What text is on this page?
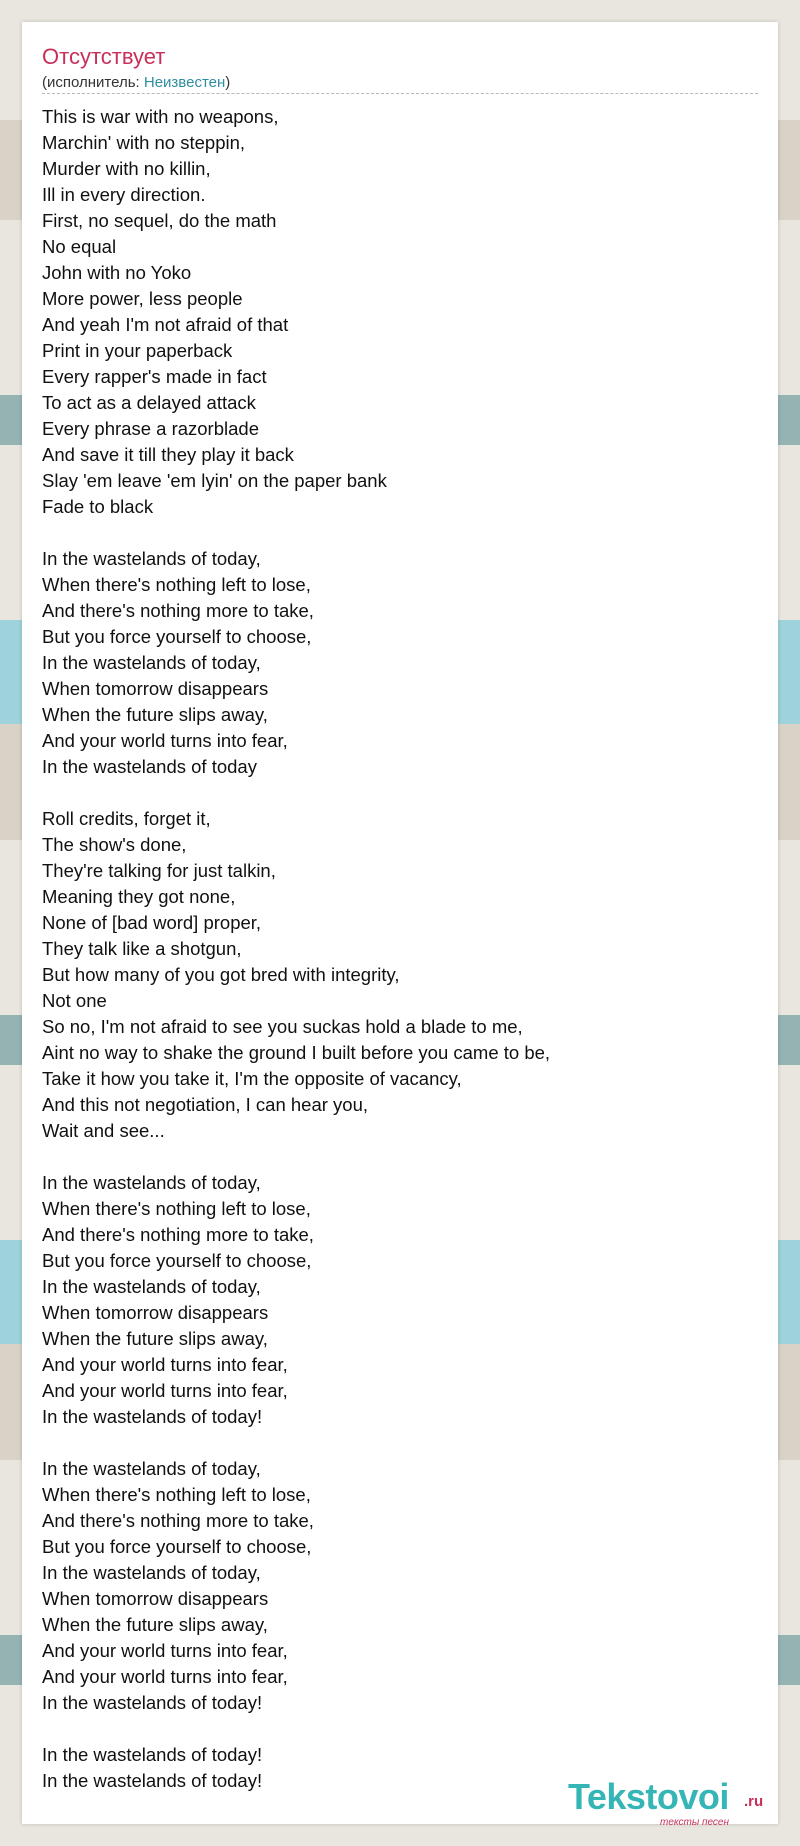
Отсутствует
(исполнитель: Неизвестен)
This is war with no weapons,
Marchin' with no steppin,
Murder with no killin,
Ill in every direction.
First, no sequel, do the math
No equal
John with no Yoko
More power, less people
And yeah I'm not afraid of that
Print in your paperback
Every rapper's made in fact
To act as a delayed attack
Every phrase a razorblade
And save it till they play it back
Slay 'em leave 'em lyin' on the paper bank
Fade to black
In the wastelands of today,
When there's nothing left to lose,
And there's nothing more to take,
But you force yourself to choose,
In the wastelands of today,
When tomorrow disappears
When the future slips away,
And your world turns into fear,
In the wastelands of today
Roll credits, forget it,
The show's done,
They're talking for just talkin,
Meaning they got none,
None of [bad word] proper,
They talk like a shotgun,
But how many of you got bred with integrity,
Not one
So no, I'm not afraid to see you suckas hold a blade to me,
Aint no way to shake the ground I built before you came to be,
Take it how you take it, I'm the opposite of vacancy,
And this not negotiation, I can hear you,
Wait and see...
In the wastelands of today,
When there's nothing left to lose,
And there's nothing more to take,
But you force yourself to choose,
In the wastelands of today,
When tomorrow disappears
When the future slips away,
And your world turns into fear,
And your world turns into fear,
In the wastelands of today!
In the wastelands of today,
When there's nothing left to lose,
And there's nothing more to take,
But you force yourself to choose,
In the wastelands of today,
When tomorrow disappears
When the future slips away,
And your world turns into fear,
And your world turns into fear,
In the wastelands of today!
In the wastelands of today!
In the wastelands of today!	Tekstovoi .ru
тексты песен
